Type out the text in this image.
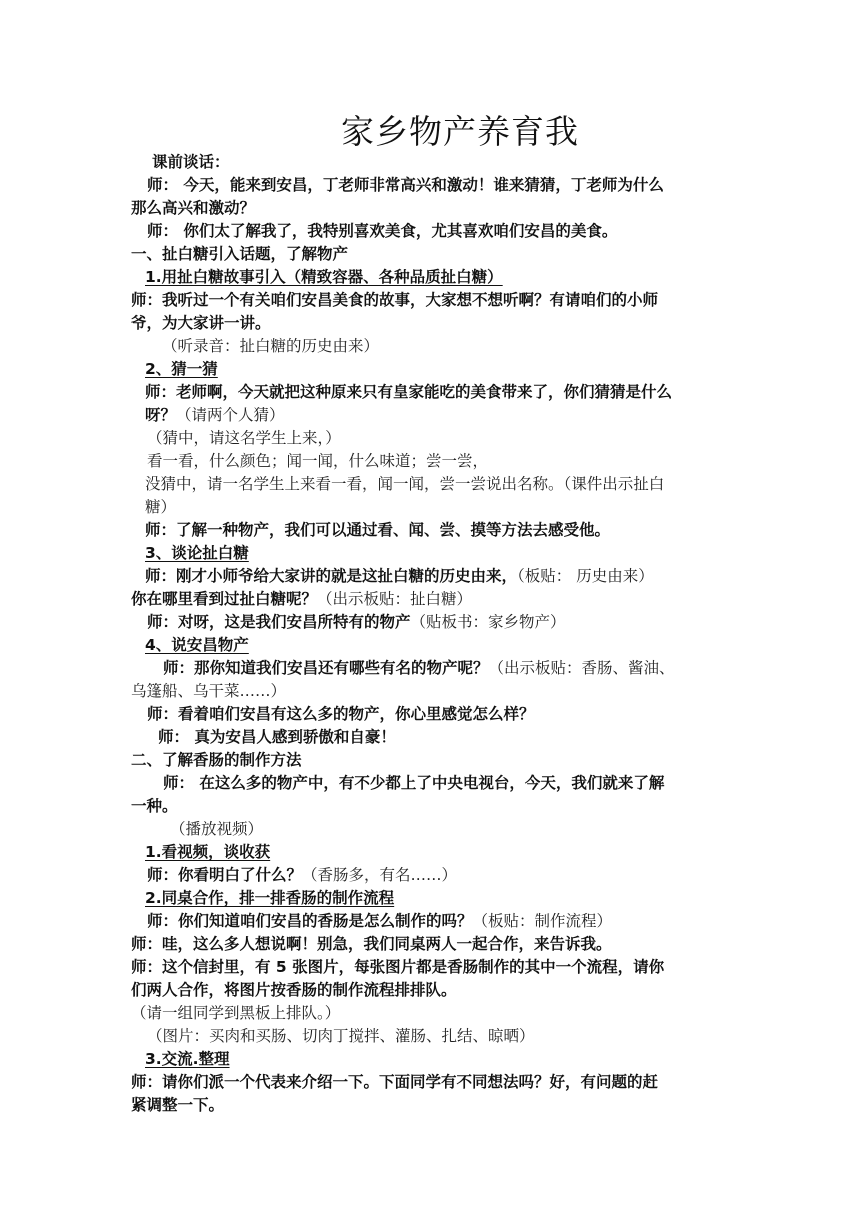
家乡物产养育我
课前谈话：
师： 今天，能来到安昌，丁老师非常高兴和激动！谁来猜猜，丁老师为什么
那么高兴和激动？
师： 你们太了解我了，我特别喜欢美食，尤其喜欢咱们安昌的美食。
一、扯白糖引入话题，了解物产
1.用扯白糖故事引入（精致容器、各种品质扯白糖）
师：我听过一个有关咱们安昌美食的故事，大家想不想听啊？有请咱们的小师
爷，为大家讲一讲。
（听录音：扯白糖的历史由来）
2、猜一猜
师：老师啊，今天就把这种原来只有皇家能吃的美食带来了，你们猜猜是什么
呀？（请两个人猜）
（猜中，请这名学生上来，）
看一看，什么颜色；闻一闻，什么味道；尝一尝，
没猜中，请一名学生上来看一看，闻一闻，尝一尝说出名称。（课件出示扯白
糖）
师：了解一种物产，我们可以通过看、闻、尝、摸等方法去感受他。
3、谈论扯白糖
师：刚才小师爷给大家讲的就是这扯白糖的历史由来，（板贴： 历史由来）
你在哪里看到过扯白糖呢？（出示板贴：扯白糖）
师：对呀，这是我们安昌所特有的物产（贴板书：家乡物产）
4、说安昌物产
师：那你知道我们安昌还有哪些有名的物产呢？（出示板贴：香肠、酱油、
乌篷船、乌干菜……）
师：看着咱们安昌有这么多的物产，你心里感觉怎么样？
师： 真为安昌人感到骄傲和自豪！
二、了解香肠的制作方法
师： 在这么多的物产中，有不少都上了中央电视台，今天，我们就来了解
一种。
（播放视频）
1.看视频，谈收获
师：你看明白了什么？（香肠多，有名……）
2.同桌合作，排一排香肠的制作流程
师：你们知道咱们安昌的香肠是怎么制作的吗？（板贴：制作流程）
师：哇，这么多人想说啊！别急，我们同桌两人一起合作，来告诉我。
师：这个信封里，有 5 张图片，每张图片都是香肠制作的其中一个流程，请你
们两人合作，将图片按香肠的制作流程排排队。
（请一组同学到黑板上排队。）
（图片：买肉和买肠、切肉丁搅拌、灌肠、扎结、晾晒）
3.交流.整理
师：请你们派一个代表来介绍一下。下面同学有不同想法吗？好，有问题的赶
紧调整一下。
